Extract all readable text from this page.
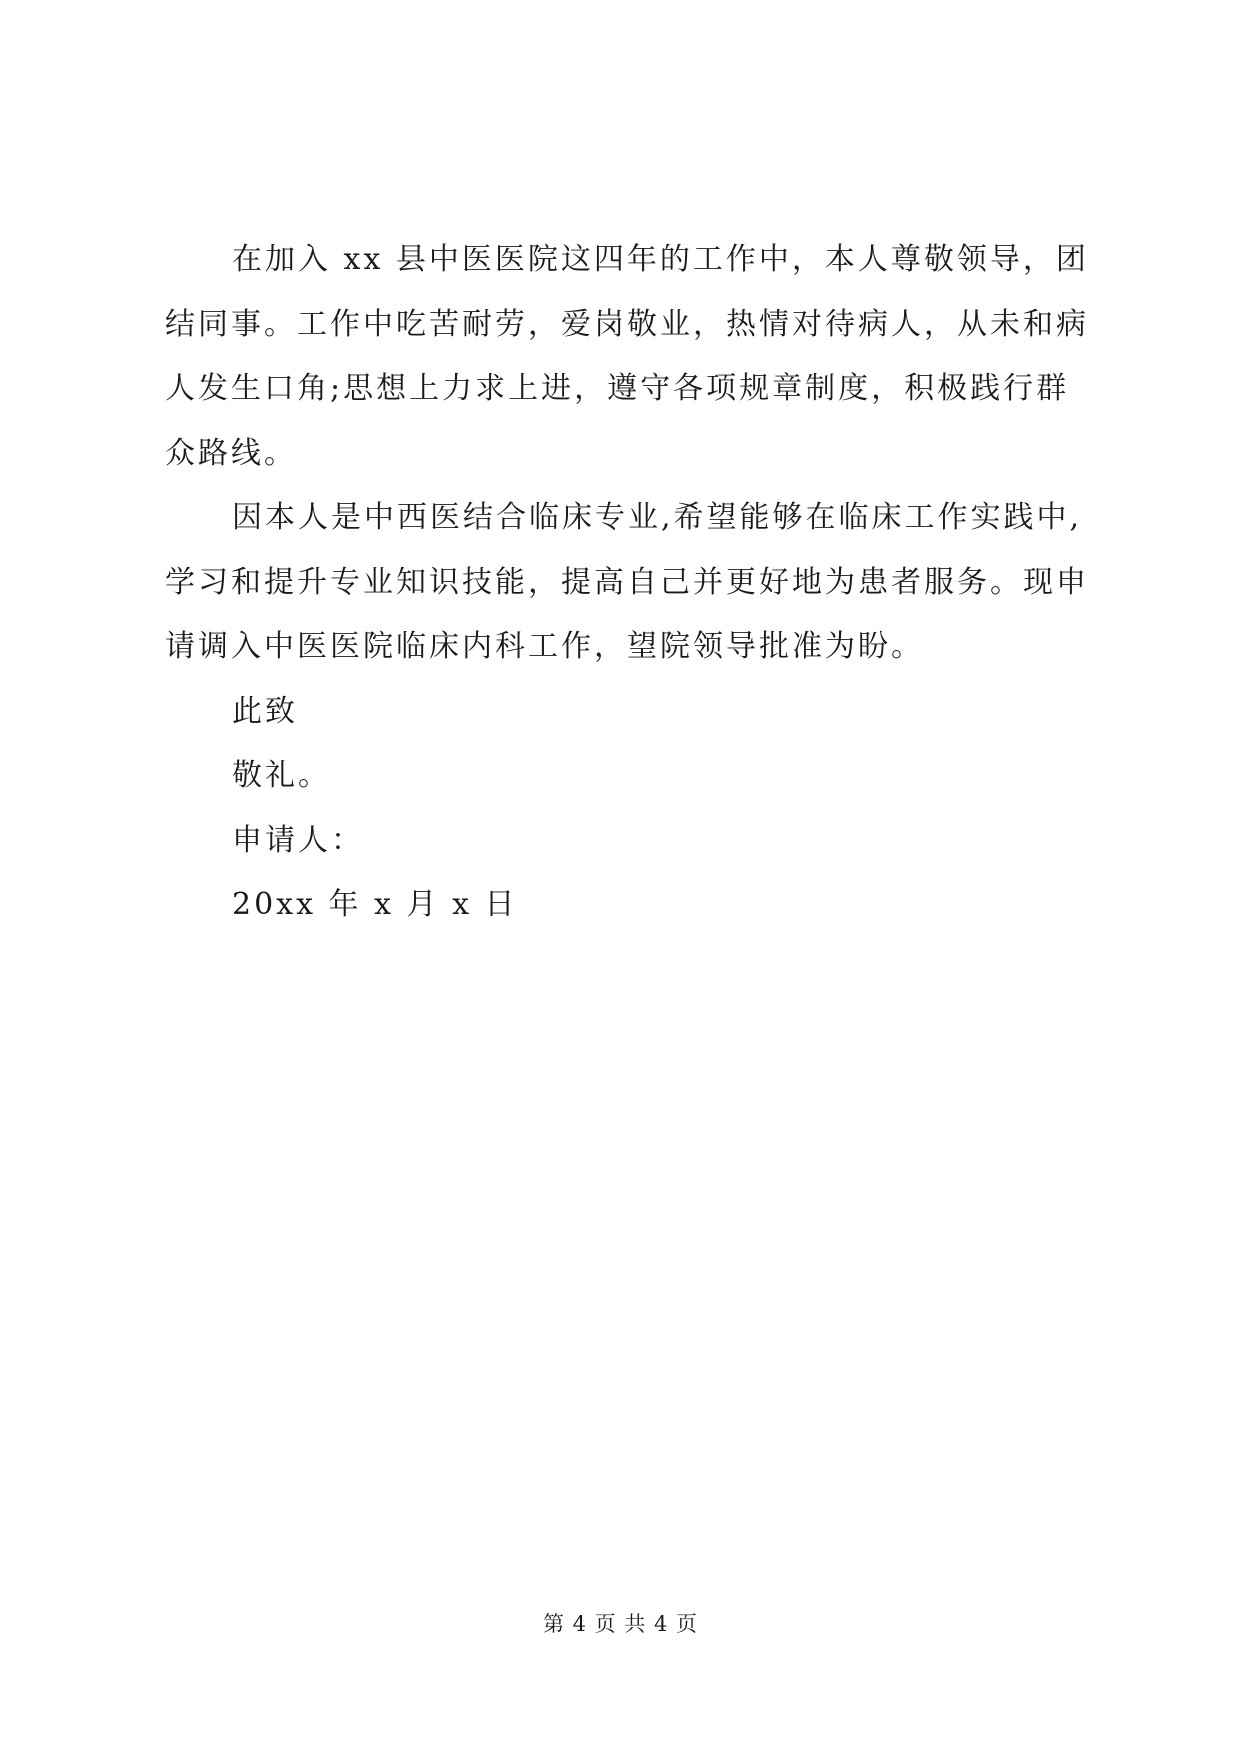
在加入 xx 县中医医院这四年的工作中，本人尊敬领导，团
结同事。工作中吃苦耐劳，爱岗敬业，热情对待病人，从未和病
人发生口角;思想上力求上进，遵守各项规章制度，积极践行群
众路线。
因本人是中西医结合临床专业,希望能够在临床工作实践中,
学习和提升专业知识技能，提高自己并更好地为患者服务。现申
请调入中医医院临床内科工作，望院领导批准为盼。
此致
敬礼。
申请人：
20xx 年 x 月 x 日
第 4 页 共 4 页
